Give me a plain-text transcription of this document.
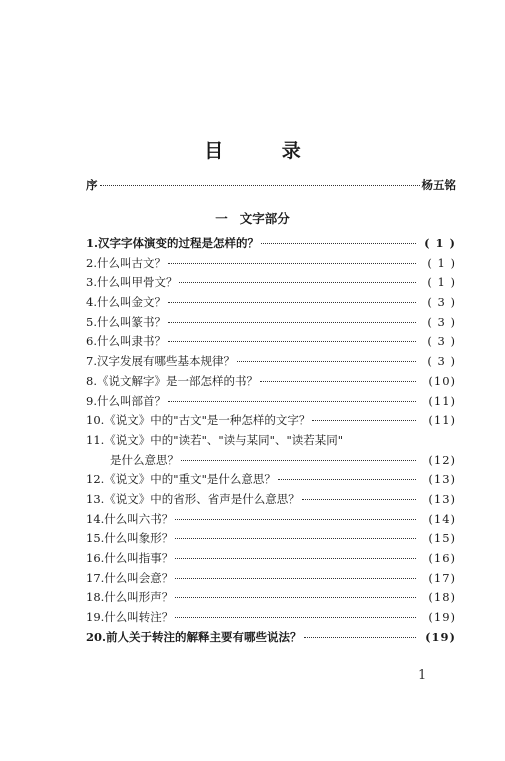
目 录
序	杨五铭
一 文字部分
1.汉字字体演变的过程是怎样的？	( 1 )
2.什么叫古文？	( 1 )
3.什么叫甲骨文？	( 1 )
4.什么叫金文？	( 3 )
5.什么叫篆书？	( 3 )
6.什么叫隶书？	( 3 )
7.汉字发展有哪些基本规律？	( 3 )
8.《说文解字》是一部怎样的书？	(10)
9.什么叫部首？	(11)
10.《说文》中的"古文"是一种怎样的文字？	(11)
11.《说文》中的"读若"、"读与某同"、"读若某同"
是什么意思？	(12)
12.《说文》中的"重文"是什么意思？	(13)
13.《说文》中的省形、省声是什么意思？	(13)
14.什么叫六书？	(14)
15.什么叫象形？	(15)
16.什么叫指事？	(16)
17.什么叫会意？	(17)
18.什么叫形声？	(18)
19.什么叫转注？	(19)
20.前人关于转注的解释主要有哪些说法？	(19)
1
